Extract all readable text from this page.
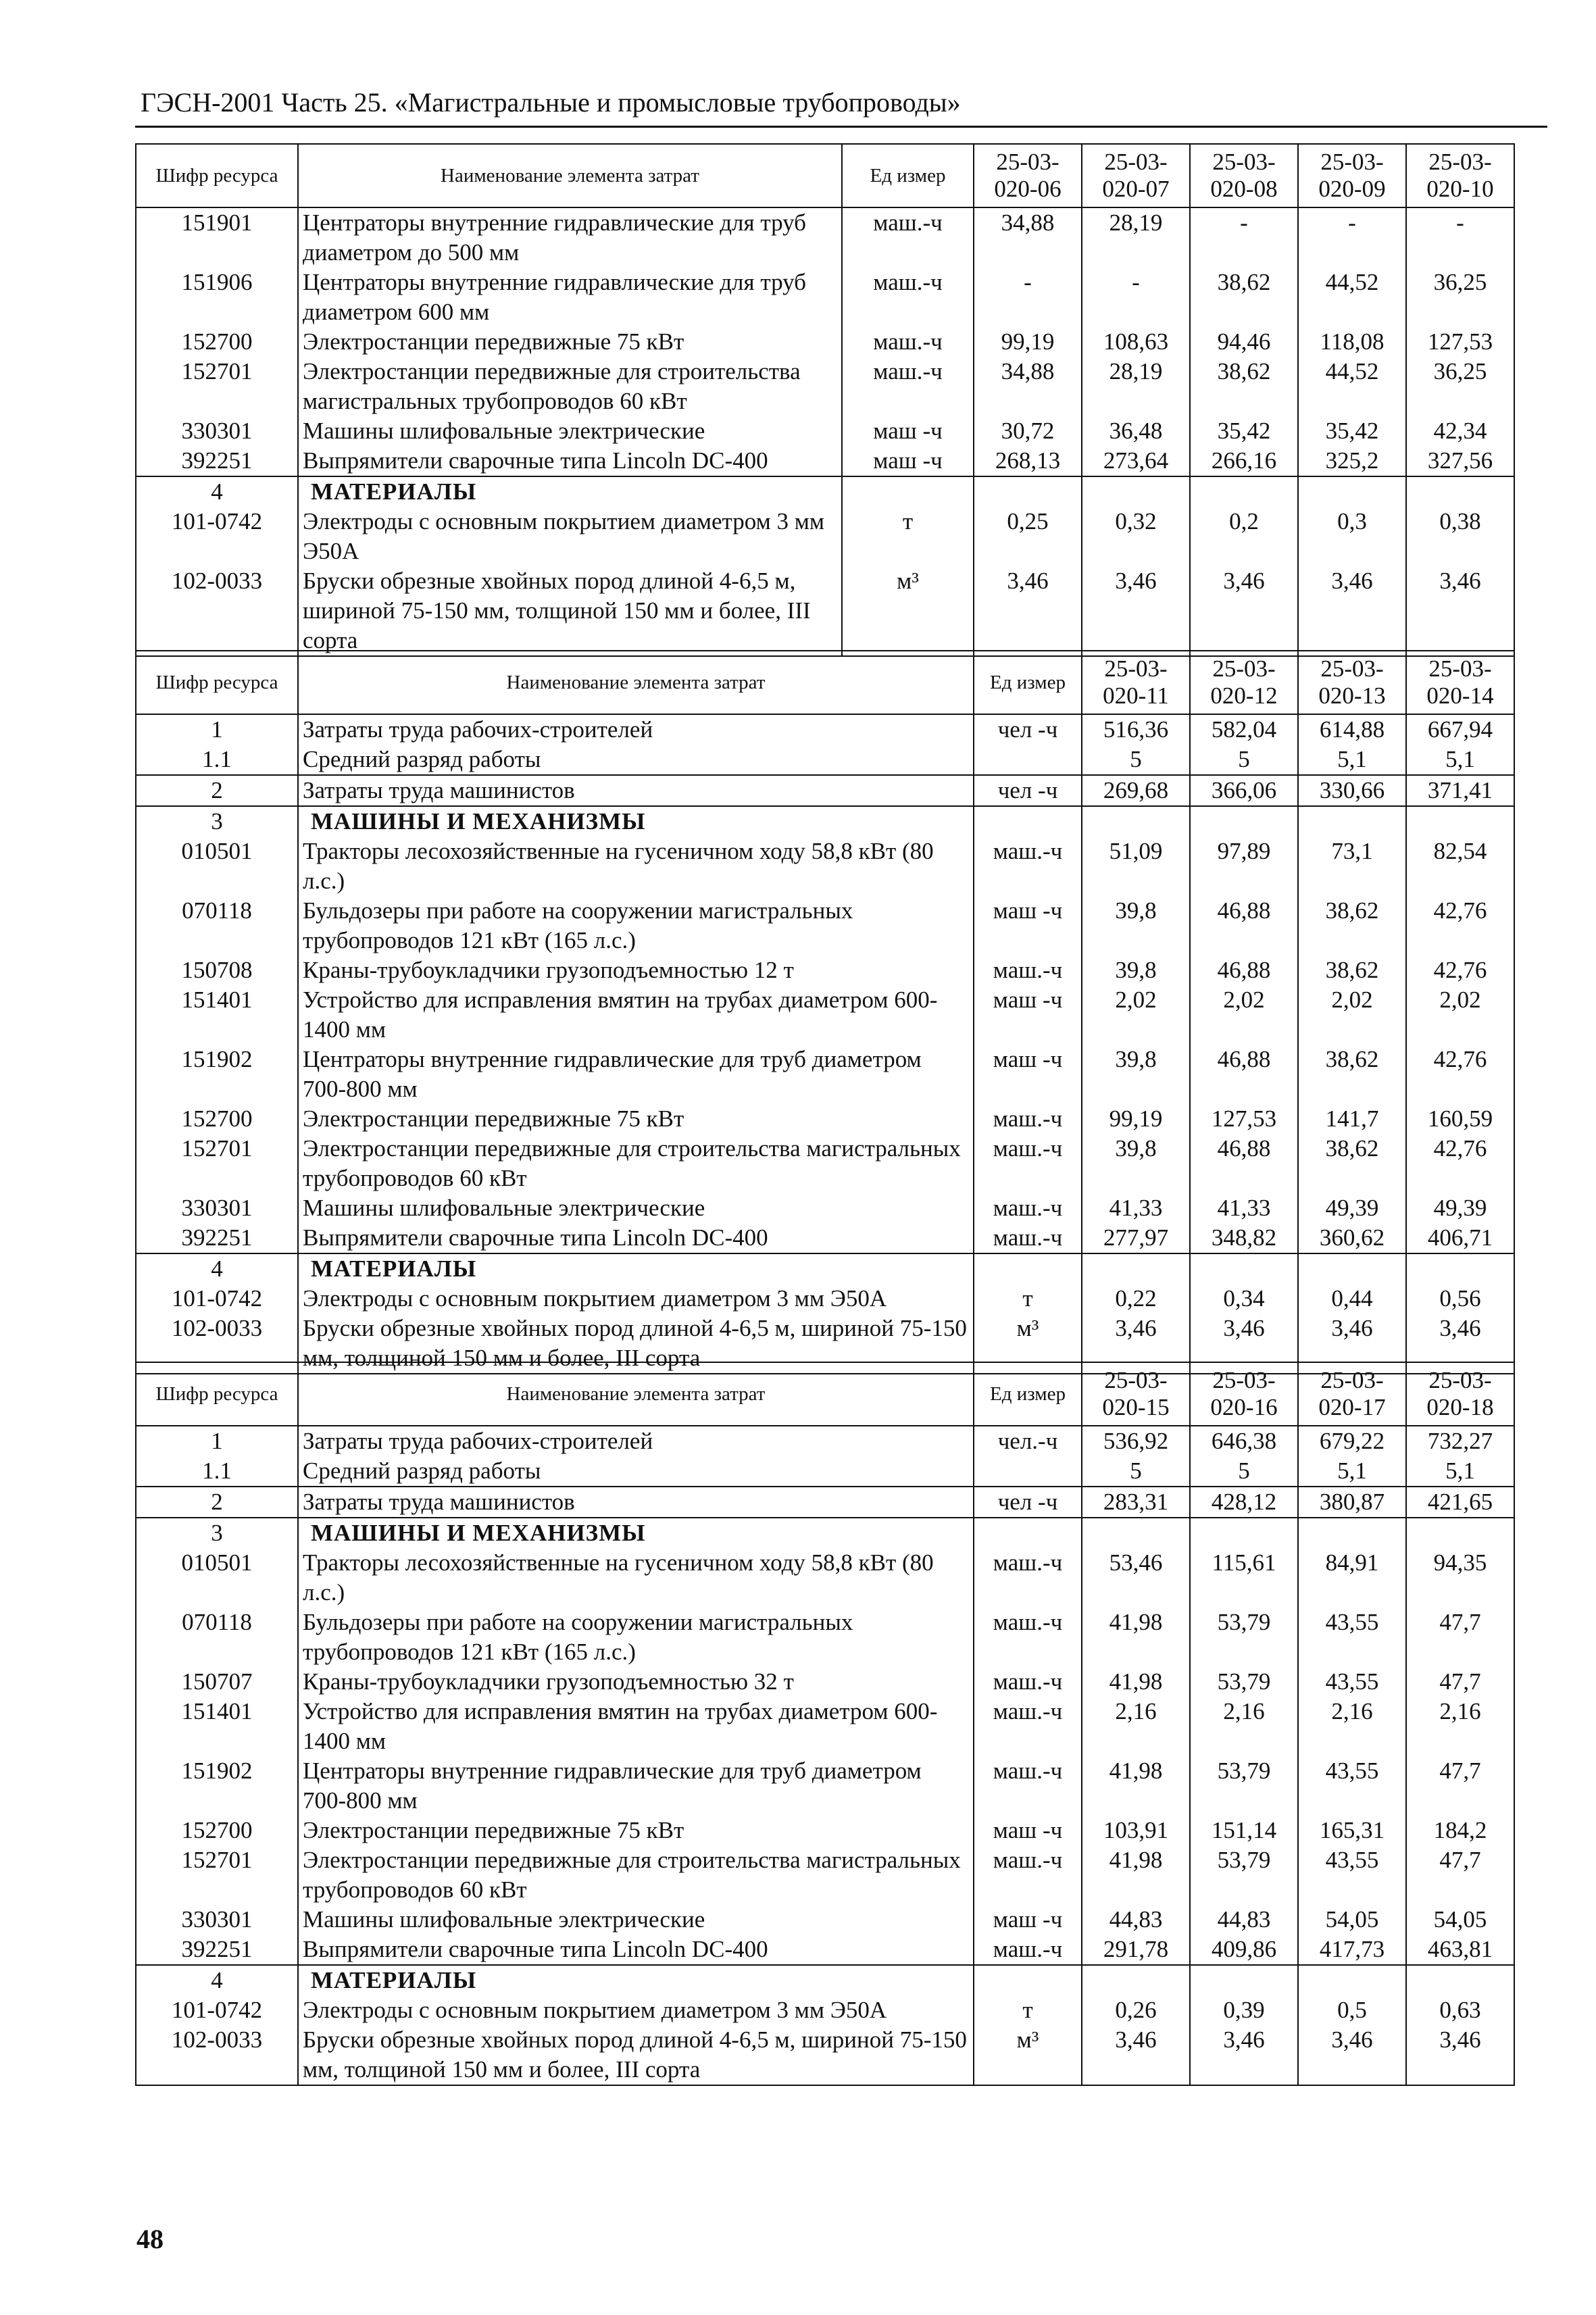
ГЭСН-2001 Часть 25. «Магистральные и промысловые трубопроводы»
Шифр ресурса	Наименование элемента затрат	Ед измер	25-03-020-06	25-03-020-07	25-03-020-08	25-03-020-09	25-03-020-10
151901	Центраторы внутренние гидравлические для труб диаметром до 500 мм	маш.-ч	34,88	28,19	-	-	-
151906	Центраторы внутренние гидравлические для труб диаметром 600 мм	маш.-ч	-	-	38,62	44,52	36,25
152700	Электростанции передвижные 75 кВт	маш.-ч	99,19	108,63	94,46	118,08	127,53
152701	Электростанции передвижные для строительства магистральных трубопроводов 60 кВт	маш.-ч	34,88	28,19	38,62	44,52	36,25
330301	Машины шлифовальные электрические	маш -ч	30,72	36,48	35,42	35,42	42,34
392251	Выпрямители сварочные типа Lincoln DC-400	маш -ч	268,13	273,64	266,16	325,2	327,56
4	МАТЕРИАЛЫ						
101-0742	Электроды с основным покрытием диаметром 3 мм Э50А	т	0,25	0,32	0,2	0,3	0,38
102-0033	Бруски обрезные хвойных пород длиной 4-6,5 м, шириной 75-150 мм, толщиной 150 мм и более, III сорта	м³	3,46	3,46	3,46	3,46	3,46
Шифр ресурса	Наименование элемента затрат	Ед измер	25-03-020-11	25-03-020-12	25-03-020-13	25-03-020-14
1	Затраты труда рабочих-строителей	чел -ч	516,36	582,04	614,88	667,94
1.1	Средний разряд работы		5	5	5,1	5,1
2	Затраты труда машинистов	чел -ч	269,68	366,06	330,66	371,41
3	МАШИНЫ И МЕХАНИЗМЫ					
010501	Тракторы лесохозяйственные на гусеничном ходу 58,8 кВт (80 л.с.)	маш.-ч	51,09	97,89	73,1	82,54
070118	Бульдозеры при работе на сооружении магистральных трубопроводов 121 кВт (165 л.с.)	маш -ч	39,8	46,88	38,62	42,76
150708	Краны-трубоукладчики грузоподъемностью 12 т	маш.-ч	39,8	46,88	38,62	42,76
151401	Устройство для исправления вмятин на трубах диаметром 600-1400 мм	маш -ч	2,02	2,02	2,02	2,02
151902	Центраторы внутренние гидравлические для труб диаметром 700-800 мм	маш -ч	39,8	46,88	38,62	42,76
152700	Электростанции передвижные 75 кВт	маш.-ч	99,19	127,53	141,7	160,59
152701	Электростанции передвижные для строительства магистральных трубопроводов 60 кВт	маш.-ч	39,8	46,88	38,62	42,76
330301	Машины шлифовальные электрические	маш.-ч	41,33	41,33	49,39	49,39
392251	Выпрямители сварочные типа Lincoln DC-400	маш.-ч	277,97	348,82	360,62	406,71
4	МАТЕРИАЛЫ					
101-0742	Электроды с основным покрытием диаметром 3 мм Э50А	т	0,22	0,34	0,44	0,56
102-0033	Бруски обрезные хвойных пород длиной 4-6,5 м, шириной 75-150 мм, толщиной 150 мм и более, III сорта	м³	3,46	3,46	3,46	3,46
Шифр ресурса	Наименование элемента затрат	Ед измер	25-03-020-15	25-03-020-16	25-03-020-17	25-03-020-18
1	Затраты труда рабочих-строителей	чел.-ч	536,92	646,38	679,22	732,27
1.1	Средний разряд работы		5	5	5,1	5,1
2	Затраты труда машинистов	чел -ч	283,31	428,12	380,87	421,65
3	МАШИНЫ И МЕХАНИЗМЫ					
010501	Тракторы лесохозяйственные на гусеничном ходу 58,8 кВт (80 л.с.)	маш.-ч	53,46	115,61	84,91	94,35
070118	Бульдозеры при работе на сооружении магистральных трубопроводов 121 кВт (165 л.с.)	маш.-ч	41,98	53,79	43,55	47,7
150707	Краны-трубоукладчики грузоподъемностью 32 т	маш.-ч	41,98	53,79	43,55	47,7
151401	Устройство для исправления вмятин на трубах диаметром 600-1400 мм	маш.-ч	2,16	2,16	2,16	2,16
151902	Центраторы внутренние гидравлические для труб диаметром 700-800 мм	маш.-ч	41,98	53,79	43,55	47,7
152700	Электростанции передвижные 75 кВт	маш -ч	103,91	151,14	165,31	184,2
152701	Электростанции передвижные для строительства магистральных трубопроводов 60 кВт	маш.-ч	41,98	53,79	43,55	47,7
330301	Машины шлифовальные электрические	маш -ч	44,83	44,83	54,05	54,05
392251	Выпрямители сварочные типа Lincoln DC-400	маш.-ч	291,78	409,86	417,73	463,81
4	МАТЕРИАЛЫ					
101-0742	Электроды с основным покрытием диаметром 3 мм Э50А	т	0,26	0,39	0,5	0,63
102-0033	Бруски обрезные хвойных пород длиной 4-6,5 м, шириной 75-150 мм, толщиной 150 мм и более, III сорта	м³	3,46	3,46	3,46	3,46
48
